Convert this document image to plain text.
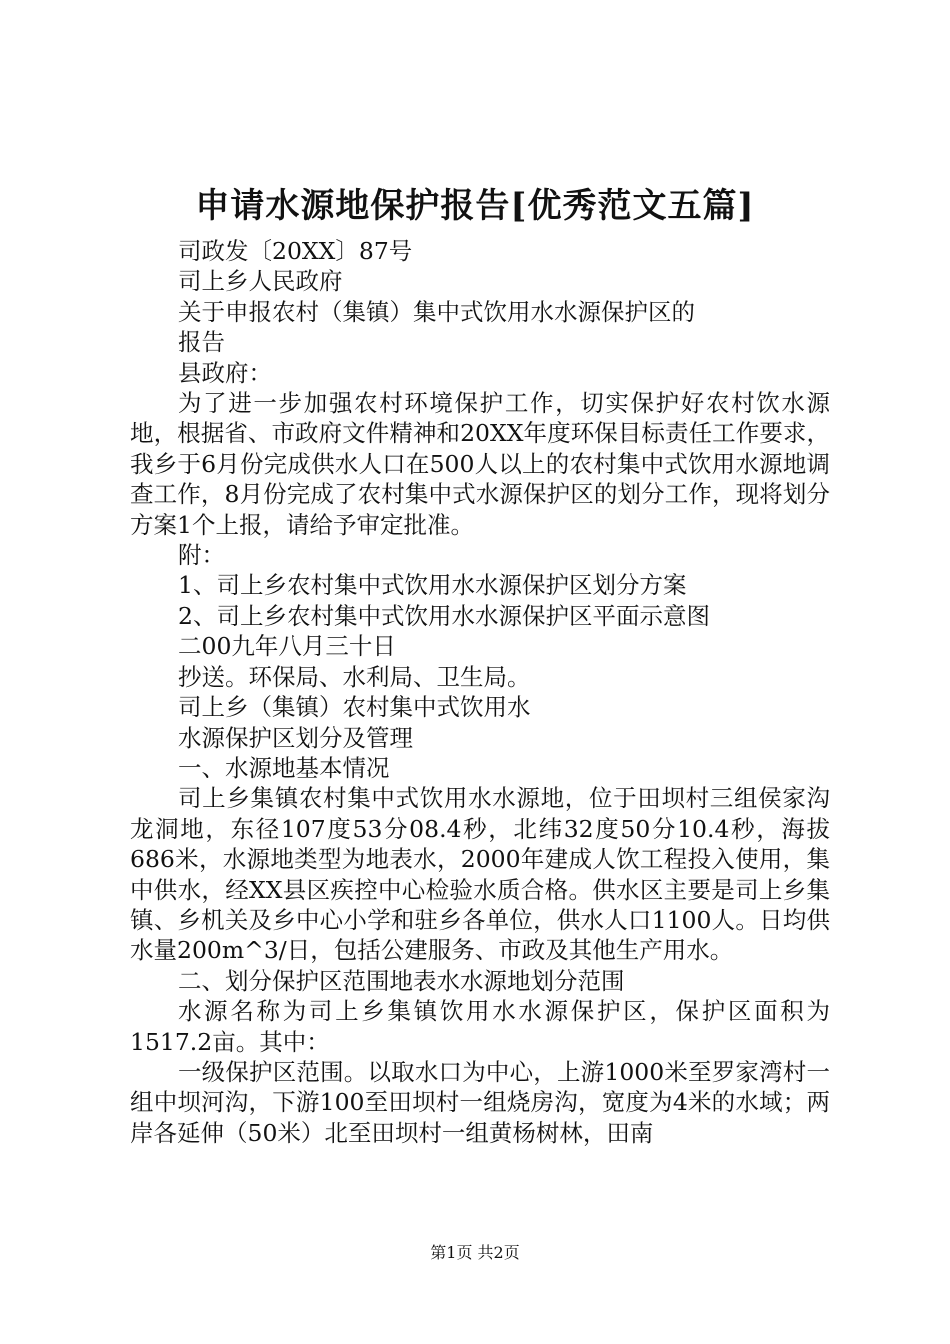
申请水源地保护报告[优秀范文五篇]

司政发〔20XX〕87号

司上乡人民政府

关于申报农村（集镇）集中式饮用水水源保护区的

报告

县政府：

为了进一步加强农村环境保护工作，切实保护好农村饮水源地，根据省、市政府文件精神和20XX年度环保目标责任工作要求，我乡于6月份完成供水人口在500人以上的农村集中式饮用水源地调查工作，8月份完成了农村集中式水源保护区的划分工作，现将划分方案1个上报，请给予审定批准。

附：

1、司上乡农村集中式饮用水水源保护区划分方案

2、司上乡农村集中式饮用水水源保护区平面示意图

二00九年八月三十日

抄送。环保局、水利局、卫生局。

司上乡（集镇）农村集中式饮用水

水源保护区划分及管理

一、水源地基本情况

司上乡集镇农村集中式饮用水水源地，位于田坝村三组侯家沟龙洞地，东径107度53分08.4秒，北纬32度50分10.4秒，海拔686米，水源地类型为地表水，2000年建成人饮工程投入使用，集中供水，经XX县区疾控中心检验水质合格。供水区主要是司上乡集镇、乡机关及乡中心小学和驻乡各单位，供水人口1100人。日均供水量200m^3/日，包括公建服务、市政及其他生产用水。

二、划分保护区范围地表水水源地划分范围

水源名称为司上乡集镇饮用水水源保护区，保护区面积为1517.2亩。其中：

一级保护区范围。以取水口为中心，上游1000米至罗家湾村一组中坝河沟，下游100至田坝村一组烧房沟，宽度为4米的水域；两岸各延伸（50米）北至田坝村一组黄杨树林，田南

第1页 共2页
